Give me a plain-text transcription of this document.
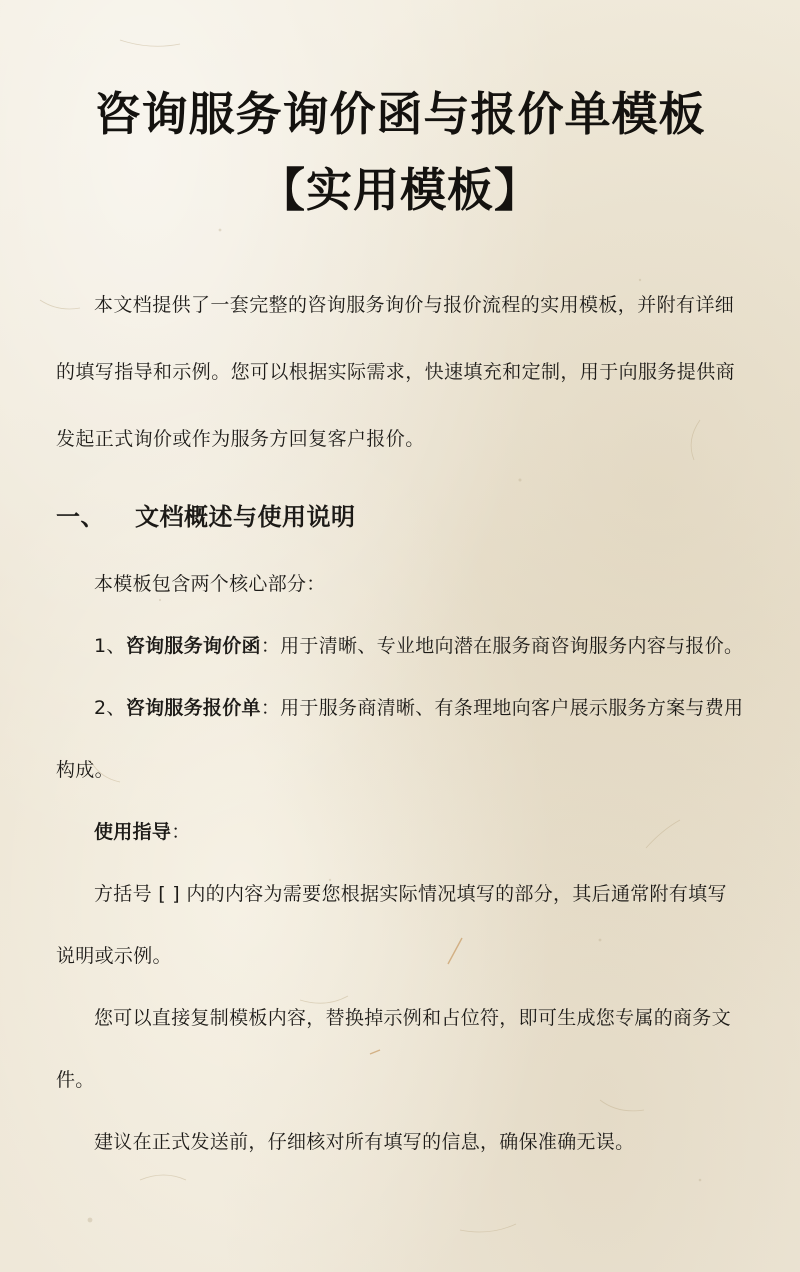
咨询服务询价函与报价单模板
【实用模板】

本文档提供了一套完整的咨询服务询价与报价流程的实用模板，并附有详细的填写指导和示例。您可以根据实际需求，快速填充和定制，用于向服务提供商发起正式询价或作为服务方回复客户报价。

一、 文档概述与使用说明

本模板包含两个核心部分：

1、咨询服务询价函：用于清晰、专业地向潜在服务商咨询服务内容与报价。

2、咨询服务报价单：用于服务商清晰、有条理地向客户展示服务方案与费用构成。

使用指导：

方括号 [ ] 内的内容为需要您根据实际情况填写的部分，其后通常附有填写说明或示例。

您可以直接复制模板内容，替换掉示例和占位符，即可生成您专属的商务文件。

建议在正式发送前，仔细核对所有填写的信息，确保准确无误。
